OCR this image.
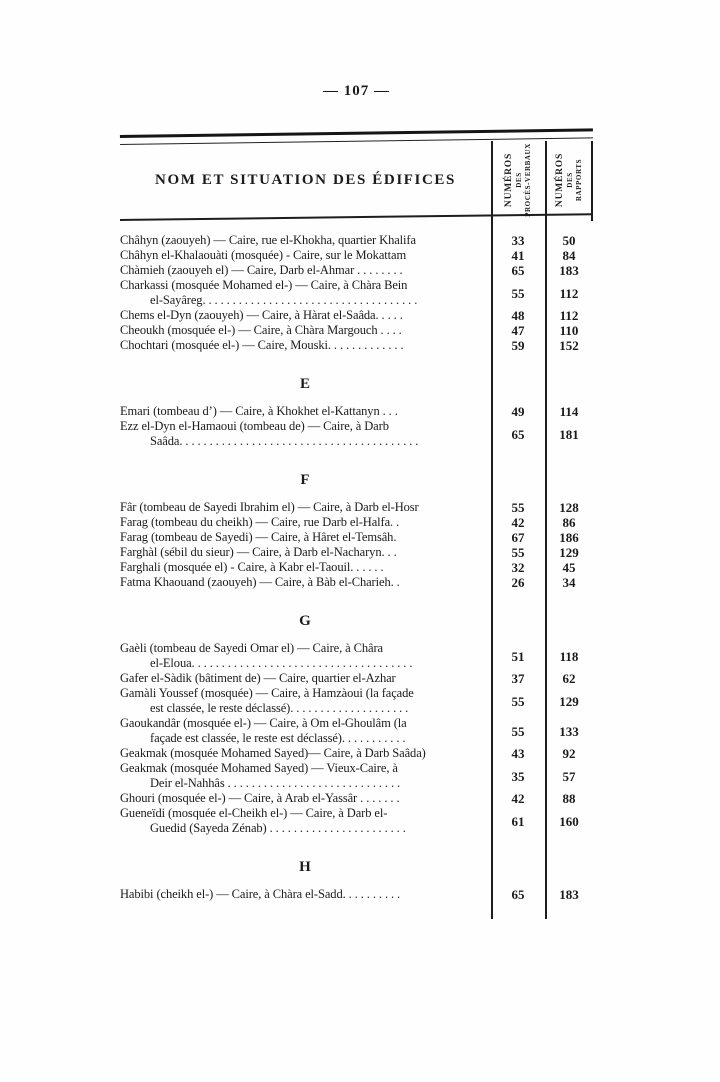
— 107 —
NOM ET SITUATION DES ÉDIFICES	NUMÉROS DES PROCÈS-VERBAUX NUMÉROS DES RAPPORTS
Châhyn (zaouyeh) — Caire, rue el-Khokha, quartier Khalifa	33	50
Châhyn el-Khalaouàti (mosquée) - Caire, sur le Mokattam	41	84
Chàmieh (zaouyeh el) — Caire, Darb el-Ahmar . . . . . . . .	65	183
Charkassi (mosquée Mohamed el-) — Caire, à Chàra Bein
el-Sayâreg. . . . . . . . . . . . . . . . . . . . . . . . . . . . . . . . . . . .	55	112
Chems el-Dyn (zaouyeh) — Caire, à Hàrat el-Saâda. . . . .	48	112
Cheoukh (mosquée el-) — Caire, à Chàra Margouch . . . .	47	110
Chochtari (mosquée el-) — Caire, Mouski. . . . . . . . . . . . .	59	152
E
Emari (tombeau d’) — Caire, à Khokhet el-Kattanyn . . .	49	114
Ezz el-Dyn el-Hamaoui (tombeau de) — Caire, à Darb
Saâda. . . . . . . . . . . . . . . . . . . . . . . . . . . . . . . . . . . . . . . .	65	181
F
Fâr (tombeau de Sayedi Ibrahim el) — Caire, à Darb el-Hosr	55	128
Farag (tombeau du cheikh) — Caire, rue Darb el-Halfa. .	42	86
Farag (tombeau de Sayedi) — Caire, à Hâret el-Temsâh.	67	186
Farghàl (sébil du sieur) — Caire, à Darb el-Nacharyn. . .	55	129
Farghali (mosquée el) - Caire, à Kabr el-Taouil. . . . . .	32	45
Fatma Khaouand (zaouyeh) — Caire, à Bàb el-Charieh. .	26	34
G
Gaèli (tombeau de Sayedi Omar el) — Caire, à Châra
el-Eloua. . . . . . . . . . . . . . . . . . . . . . . . . . . . . . . . . . . . .	51	118
Gafer el-Sàdik (bâtiment de) — Caire, quartier el-Azhar	37	62
Gamàli Youssef (mosquée) — Caire, à Hamzàoui (la façade
est classée, le reste déclassé). . . . . . . . . . . . . . . . . . . .	55	129
Gaoukandâr (mosquée el-) — Caire, à Om el-Ghoulâm (la
façade est classée, le reste est déclassé). . . . . . . . . . .	55	133
Geakmak (mosquée Mohamed Sayed)— Caire, à Darb Saâda)	43	92
Geakmak (mosquée Mohamed Sayed) — Vieux-Caire, à
Deir el-Nahhâs . . . . . . . . . . . . . . . . . . . . . . . . . . . . .	35	57
Ghouri (mosquée el-) — Caire, à Arab el-Yassâr . . . . . . .	42	88
Gueneïdi (mosquée el-Cheikh el-) — Caire, à Darb el-
Guedid (Sayeda Zénab) . . . . . . . . . . . . . . . . . . . . . . .	61	160
H
Habibi (cheikh el-) — Caire, à Chàra el-Sadd. . . . . . . . . .	65	183
